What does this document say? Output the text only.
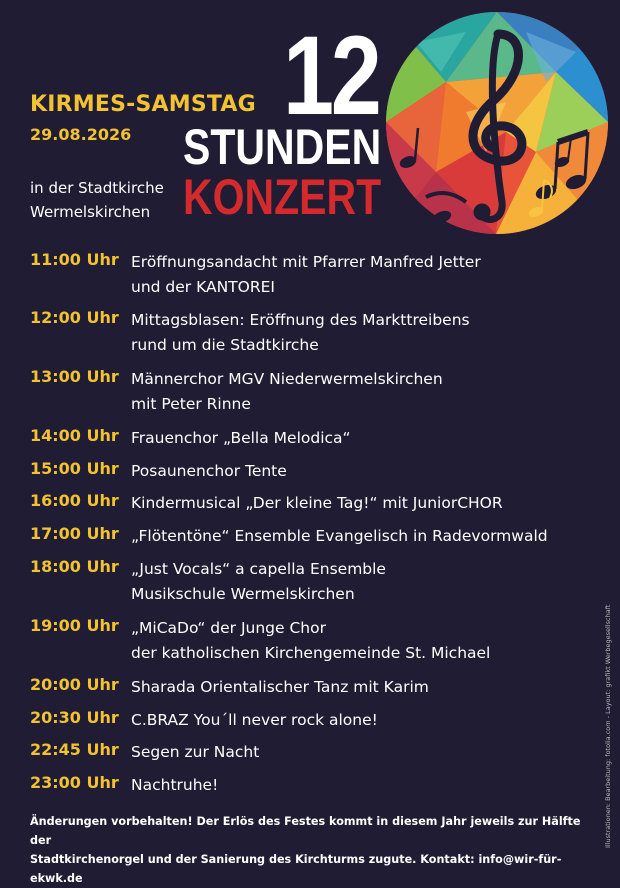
KIRMES-SAMSTAG
29.08.2026
in der Stadtkirche
Wermelskirchen
12
STUNDEN
KONZERT
11:00 Uhr Eröffnungsandacht mit Pfarrer Manfred Jetter
und der KANTOREI
12:00 Uhr Mittagsblasen: Eröffnung des Markttreibens
rund um die Stadtkirche
13:00 Uhr Männerchor MGV Niederwermelskirchen
mit Peter Rinne
14:00 Uhr Frauenchor „Bella Melodica“
15:00 Uhr Posaunenchor Tente
16:00 Uhr Kindermusical „Der kleine Tag!“ mit JuniorCHOR
17:00 Uhr „Flötentöne“ Ensemble Evangelisch in Radevormwald
18:00 Uhr „Just Vocals“ a capella Ensemble
Musikschule Wermelskirchen
19:00 Uhr „MiCaDo“ der Junge Chor
der katholischen Kirchengemeinde St. Michael
20:00 Uhr Sharada Orientalischer Tanz mit Karim
20:30 Uhr C.BRAZ You´ll never rock alone!
22:45 Uhr Segen zur Nacht
23:00 Uhr Nachtruhe!
Änderungen vorbehalten! Der Erlös des Festes kommt in diesem Jahr jeweils zur Hälfte der
Stadtkirchenorgel und der Sanierung des Kirchturms zugute. Kontakt: info@wir-für-ekwk.de
Illustrationen: Bearbeitung: fotolia.com - Layout: grafikt Werbegesellschaft
